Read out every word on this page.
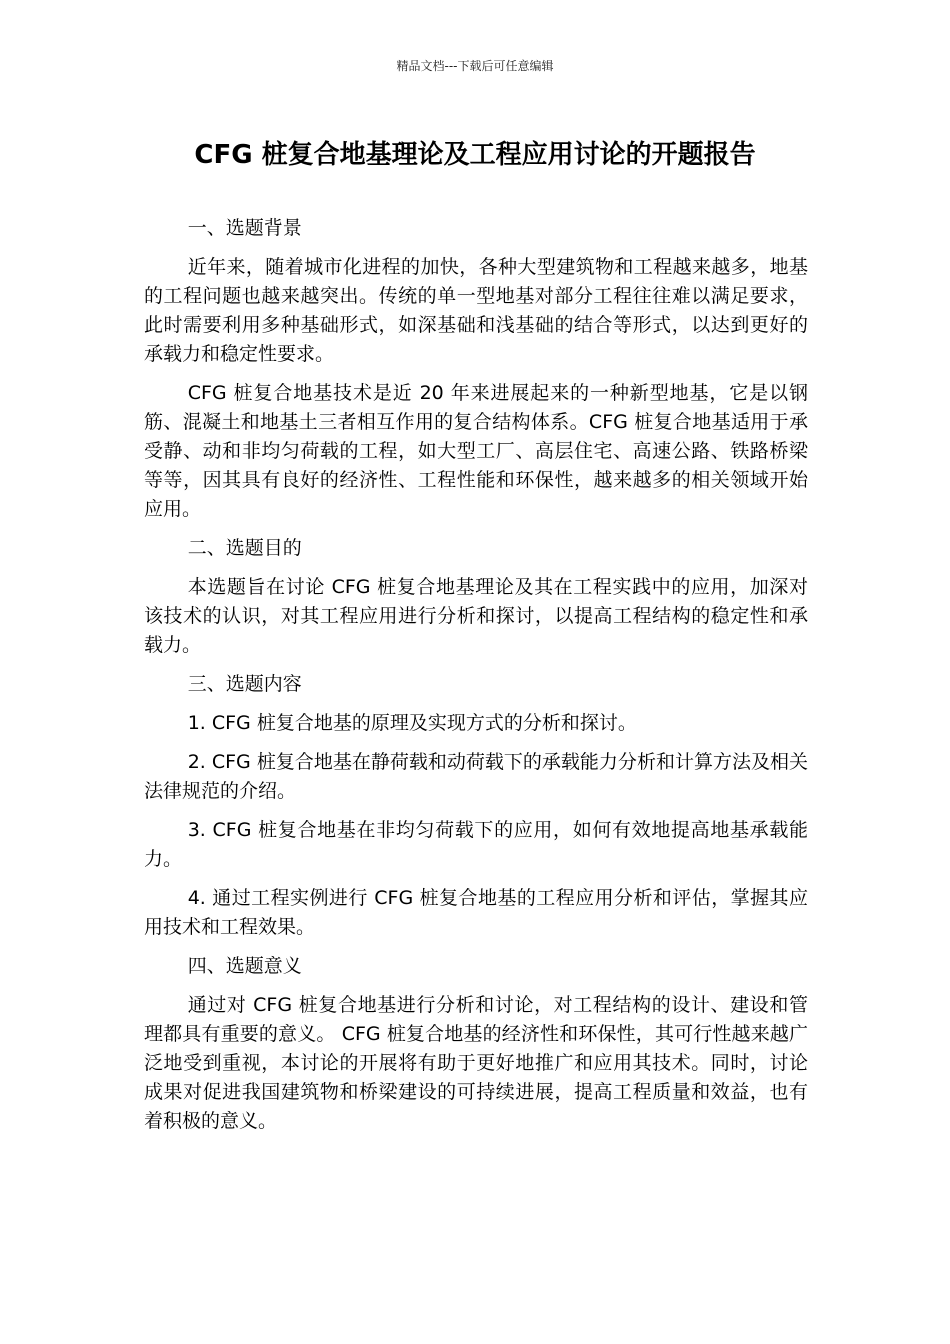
精品文档---下载后可任意编辑
CFG 桩复合地基理论及工程应用讨论的开题报告

一、选题背景

近年来，随着城市化进程的加快，各种大型建筑物和工程越来越多，地基的工程问题也越来越突出。传统的单一型地基对部分工程往往难以满足要求，此时需要利用多种基础形式，如深基础和浅基础的结合等形式，以达到更好的承载力和稳定性要求。

CFG 桩复合地基技术是近 20 年来进展起来的一种新型地基，它是以钢筋、混凝土和地基土三者相互作用的复合结构体系。CFG 桩复合地基适用于承受静、动和非均匀荷载的工程，如大型工厂、高层住宅、高速公路、铁路桥梁等等，因其具有良好的经济性、工程性能和环保性，越来越多的相关领域开始应用。

二、选题目的

本选题旨在讨论 CFG 桩复合地基理论及其在工程实践中的应用，加深对该技术的认识，对其工程应用进行分析和探讨，以提高工程结构的稳定性和承载力。

三、选题内容

1. CFG 桩复合地基的原理及实现方式的分析和探讨。

2. CFG 桩复合地基在静荷载和动荷载下的承载能力分析和计算方法及相关法律规范的介绍。

3. CFG 桩复合地基在非均匀荷载下的应用，如何有效地提高地基承载能力。

4. 通过工程实例进行 CFG 桩复合地基的工程应用分析和评估，掌握其应用技术和工程效果。

四、选题意义

通过对 CFG 桩复合地基进行分析和讨论，对工程结构的设计、建设和管理都具有重要的意义。 CFG 桩复合地基的经济性和环保性，其可行性越来越广泛地受到重视，本讨论的开展将有助于更好地推广和应用其技术。同时，讨论成果对促进我国建筑物和桥梁建设的可持续进展，提高工程质量和效益，也有着积极的意义。
